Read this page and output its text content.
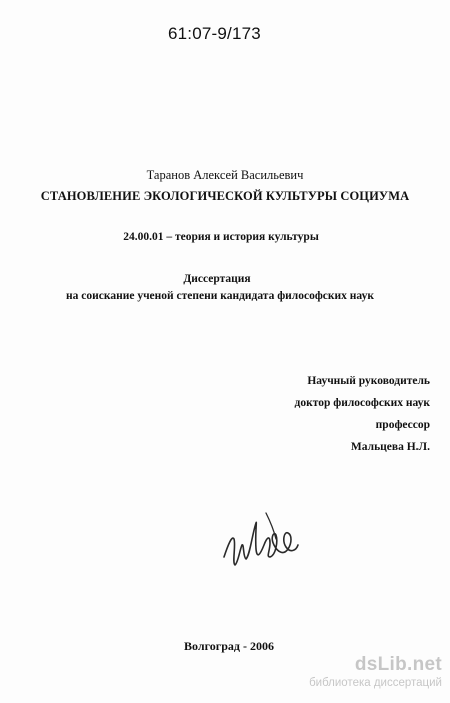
61:07-9/173
Таранов Алексей Васильевич
СТАНОВЛЕНИЕ ЭКОЛОГИЧЕСКОЙ КУЛЬТУРЫ СОЦИУМА
24.00.01 – теория и история культуры
Диссертация
на соискание ученой степени кандидата философских наук
Научный руководитель
доктор философских наук
профессор
Мальцева Н.Л.
Волгоград - 2006
dsLib.net
библиотека диссертаций
